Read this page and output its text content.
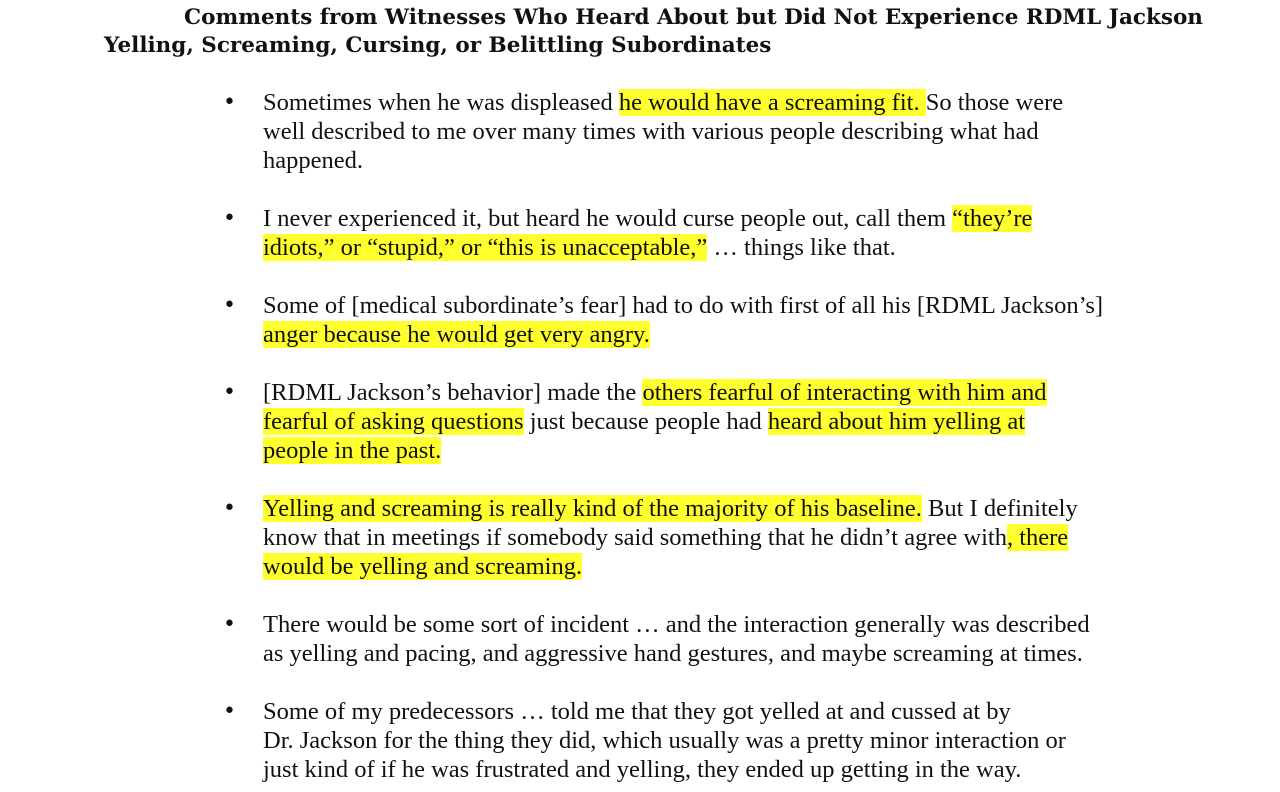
Comments from Witnesses Who Heard About but Did Not Experience RDML Jackson
Yelling, Screaming, Cursing, or Belittling Subordinates
• Sometimes when he was displeased he would have a screaming fit. So those were
well described to me over many times with various people describing what had
happened.
• I never experienced it, but heard he would curse people out, call them “they’re
idiots,” or “stupid,” or “this is unacceptable,” … things like that.
• Some of [medical subordinate’s fear] had to do with first of all his [RDML Jackson’s]
anger because he would get very angry.
• [RDML Jackson’s behavior] made the others fearful of interacting with him and
fearful of asking questions just because people had heard about him yelling at
people in the past.
• Yelling and screaming is really kind of the majority of his baseline. But I definitely
know that in meetings if somebody said something that he didn’t agree with, there
would be yelling and screaming.
• There would be some sort of incident … and the interaction generally was described
as yelling and pacing, and aggressive hand gestures, and maybe screaming at times.
• Some of my predecessors … told me that they got yelled at and cussed at by
Dr. Jackson for the thing they did, which usually was a pretty minor interaction or
just kind of if he was frustrated and yelling, they ended up getting in the way.
